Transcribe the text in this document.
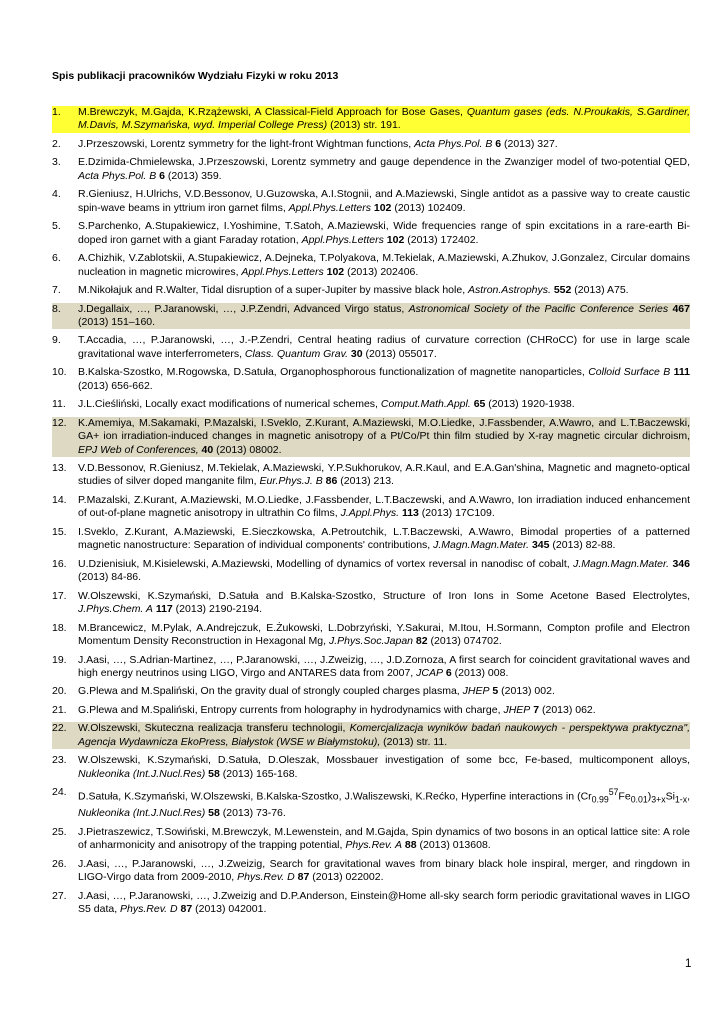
Spis publikacji pracowników Wydziału Fizyki w roku 2013
1.	M.Brewczyk, M.Gajda, K.Rzążewski, A Classical-Field Approach for Bose Gases, Quantum gases (eds. N.Proukakis, S.Gardiner, M.Davis, M.Szymańska, wyd. Imperial College Press) (2013) str. 191.
2.	J.Przeszowski, Lorentz symmetry for the light-front Wightman functions, Acta Phys.Pol. B 6 (2013) 327.
3.	E.Dzimida-Chmielewska, J.Przeszowski, Lorentz symmetry and gauge dependence in the Zwanziger model of two-potential QED, Acta Phys.Pol. B 6 (2013) 359.
4.	R.Gieniusz, H.Ulrichs, V.D.Bessonov, U.Guzowska, A.I.Stognii, and A.Maziewski, Single antidot as a passive way to create caustic spin-wave beams in yttrium iron garnet films, Appl.Phys.Letters 102 (2013) 102409.
5.	S.Parchenko, A.Stupakiewicz, I.Yoshimine, T.Satoh, A.Maziewski, Wide frequencies range of spin excitations in a rare-earth Bi-doped iron garnet with a giant Faraday rotation, Appl.Phys.Letters 102 (2013) 172402.
6.	A.Chizhik, V.Zablotskii, A.Stupakiewicz, A.Dejneka, T.Polyakova, M.Tekielak, A.Maziewski, A.Zhukov, J.Gonzalez, Circular domains nucleation in magnetic microwires, Appl.Phys.Letters 102 (2013) 202406.
7.	M.Nikołajuk and R.Walter, Tidal disruption of a super-Jupiter by massive black hole, Astron.Astrophys. 552 (2013) A75.
8.	J.Degallaix, …, P.Jaranowski, …, J.P.Zendri, Advanced Virgo status, Astronomical Society of the Pacific Conference Series 467 (2013) 151–160.
9.	T.Accadia, …, P.Jaranowski, …, J.-P.Zendri, Central heating radius of curvature correction (CHRoCC) for use in large scale gravitational wave interferrometers, Class. Quantum Grav. 30 (2013) 055017.
10.	B.Kalska-Szostko, M.Rogowska, D.Satuła, Organophosphorous functionalization of magnetite nanoparticles, Colloid Surface B 111 (2013) 656-662.
11.	J.L.Cieśliński, Locally exact modifications of numerical schemes, Comput.Math.Appl. 65 (2013) 1920-1938.
12.	K.Amemiya, M.Sakamaki, P.Mazalski, I.Sveklo, Z.Kurant, A.Maziewski, M.O.Liedke, J.Fassbender, A.Wawro, and L.T.Baczewski, GA+ ion irradiation-induced changes in magnetic anisotropy of a Pt/Co/Pt thin film studied by X-ray magnetic circular dichroism, EPJ Web of Conferences, 40 (2013) 08002.
13.	V.D.Bessonov, R.Gieniusz, M.Tekielak, A.Maziewski, Y.P.Sukhorukov, A.R.Kaul, and E.A.Gan'shina, Magnetic and magneto-optical studies of silver doped manganite film, Eur.Phys.J. B 86 (2013) 213.
14.	P.Mazalski, Z.Kurant, A.Maziewski, M.O.Liedke, J.Fassbender, L.T.Baczewski, and A.Wawro, Ion irradiation induced enhancement of out-of-plane magnetic anisotropy in ultrathin Co films, J.Appl.Phys. 113 (2013) 17C109.
15.	I.Sveklo, Z.Kurant, A.Maziewski, E.Sieczkowska, A.Petroutchik, L.T.Baczewski, A.Wawro, Bimodal properties of a patterned magnetic nanostructure: Separation of individual components' contributions, J.Magn.Magn.Mater. 345 (2013) 82-88.
16.	U.Dzienisiuk, M.Kisielewski, A.Maziewski, Modelling of dynamics of vortex reversal in nanodisc of cobalt, J.Magn.Magn.Mater. 346 (2013) 84-86.
17.	W.Olszewski, K.Szymański, D.Satuła and B.Kalska-Szostko, Structure of Iron Ions in Some Acetone Based Electrolytes, J.Phys.Chem. A 117 (2013) 2190-2194.
18.	M.Brancewicz, M.Pylak, A.Andrejczuk, E.Żukowski, L.Dobrzyński, Y.Sakurai, M.Itou, H.Sormann, Compton profile and Electron Momentum Density Reconstruction in Hexagonal Mg, J.Phys.Soc.Japan 82 (2013) 074702.
19.	J.Aasi, …, S.Adrian-Martinez, …, P.Jaranowski, …, J.Zweizig, …, J.D.Zornoza, A first search for coincident gravitational waves and high energy neutrinos using LIGO, Virgo and ANTARES data from 2007, JCAP 6 (2013) 008.
20.	G.Plewa and M.Spaliński, On the gravity dual of strongly coupled charges plasma, JHEP 5 (2013) 002.
21.	G.Plewa and M.Spaliński, Entropy currents from holography in hydrodynamics with charge, JHEP 7 (2013) 062.
22.	W.Olszewski, Skuteczna realizacja transferu technologii, Komercjalizacja wyników badań naukowych - perspektywa praktyczna", Agencja Wydawnicza EkoPress, Białystok (WSE w Białymstoku), (2013) str. 11.
23.	W.Olszewski, K.Szymański, D.Satuła, D.Oleszak, Mossbauer investigation of some bcc, Fe-based, multicomponent alloys, Nukleonika (Int.J.Nucl.Res) 58 (2013) 165-168.
24.	D.Satuła, K.Szymański, W.Olszewski, B.Kalska-Szostko, J.Waliszewski, K.Rećko, Hyperfine interactions in $(Cr_{0.99}^{57}Fe_{0.01})_{3+x}Si_{1-x}$, Nukleonika (Int.J.Nucl.Res) 58 (2013) 73-76.
25.	J.Pietraszewicz, T.Sowiński, M.Brewczyk, M.Lewenstein, and M.Gajda, Spin dynamics of two bosons in an optical lattice site: A role of anharmonicity and anisotropy of the trapping potential, Phys.Rev. A 88 (2013) 013608.
26.	J.Aasi, …, P.Jaranowski, …, J.Zweizig, Search for gravitational waves from binary black hole inspiral, merger, and ringdown in LIGO-Virgo data from 2009-2010, Phys.Rev. D 87 (2013) 022002.
27.	J.Aasi, …, P.Jaranowski, …, J.Zweizig and D.P.Anderson, Einstein@Home all-sky search form periodic gravitational waves in LIGO S5 data, Phys.Rev. D 87 (2013) 042001.
1
